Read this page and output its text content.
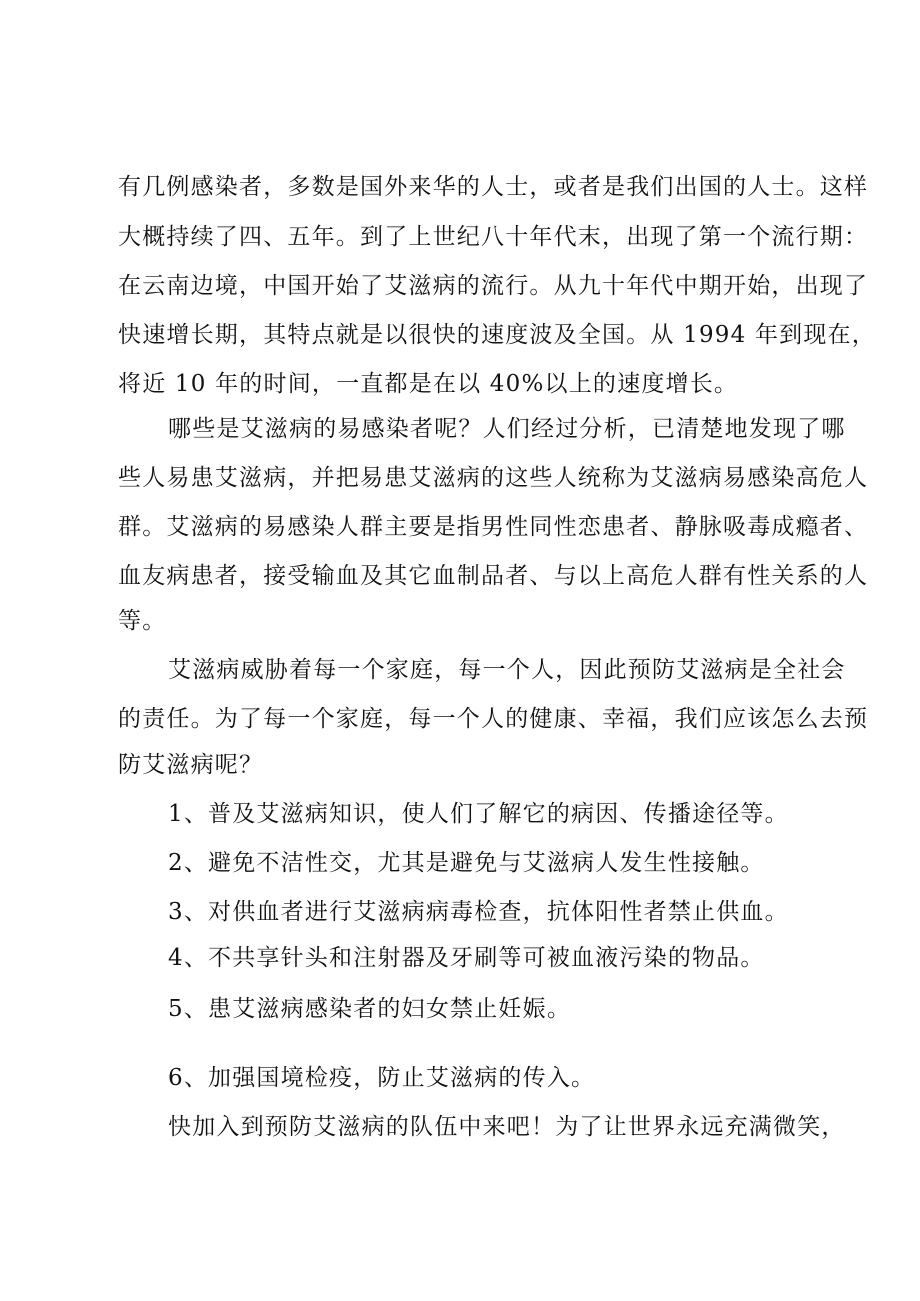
有几例感染者，多数是国外来华的人士，或者是我们出国的人士。这样
大概持续了四、五年。到了上世纪八十年代末，出现了第一个流行期：
在云南边境，中国开始了艾滋病的流行。从九十年代中期开始，出现了
快速增长期，其特点就是以很快的速度波及全国。从 1994 年到现在，
将近 10 年的时间，一直都是在以 40%以上的速度增长。
哪些是艾滋病的易感染者呢？人们经过分析，已清楚地发现了哪
些人易患艾滋病，并把易患艾滋病的这些人统称为艾滋病易感染高危人
群。艾滋病的易感染人群主要是指男性同性恋患者、静脉吸毒成瘾者、
血友病患者，接受输血及其它血制品者、与以上高危人群有性关系的人
等。
艾滋病威胁着每一个家庭，每一个人，因此预防艾滋病是全社会
的责任。为了每一个家庭，每一个人的健康、幸福，我们应该怎么去预
防艾滋病呢？
1、普及艾滋病知识，使人们了解它的病因、传播途径等。
2、避免不洁性交，尤其是避免与艾滋病人发生性接触。
3、对供血者进行艾滋病病毒检查，抗体阳性者禁止供血。
4、不共享针头和注射器及牙刷等可被血液污染的物品。
5、患艾滋病感染者的妇女禁止妊娠。
6、加强国境检疫，防止艾滋病的传入。
快加入到预防艾滋病的队伍中来吧！为了让世界永远充满微笑，
